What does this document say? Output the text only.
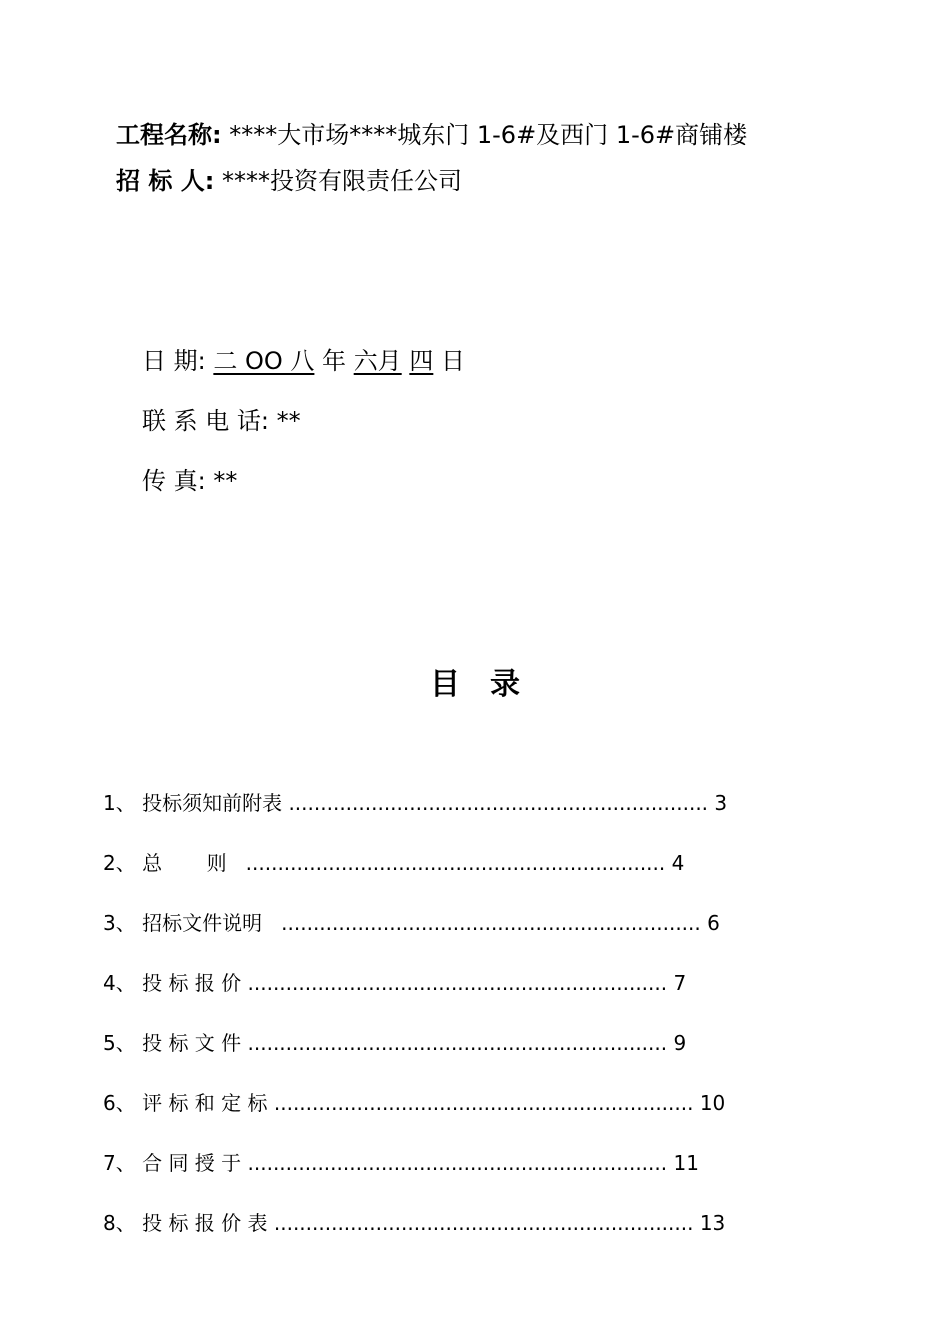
工程名称: ****大市场****城东门 1-6#及西门 1-6#商铺楼
招 标 人: ****投资有限责任公司
日 期: 二 OO 八 年 六月 四 日
联 系 电 话: **
传 真: **
目录
1、 投标须知前附表 .................................................................. 3
2、 总       则   .................................................................. 4
3、 招标文件说明   .................................................................. 6
4、 投 标 报 价 .................................................................. 7
5、 投 标 文 件 .................................................................. 9
6、 评 标 和 定 标 .................................................................. 10
7、 合 同 授 于 .................................................................. 11
8、 投 标 报 价 表 .................................................................. 13
